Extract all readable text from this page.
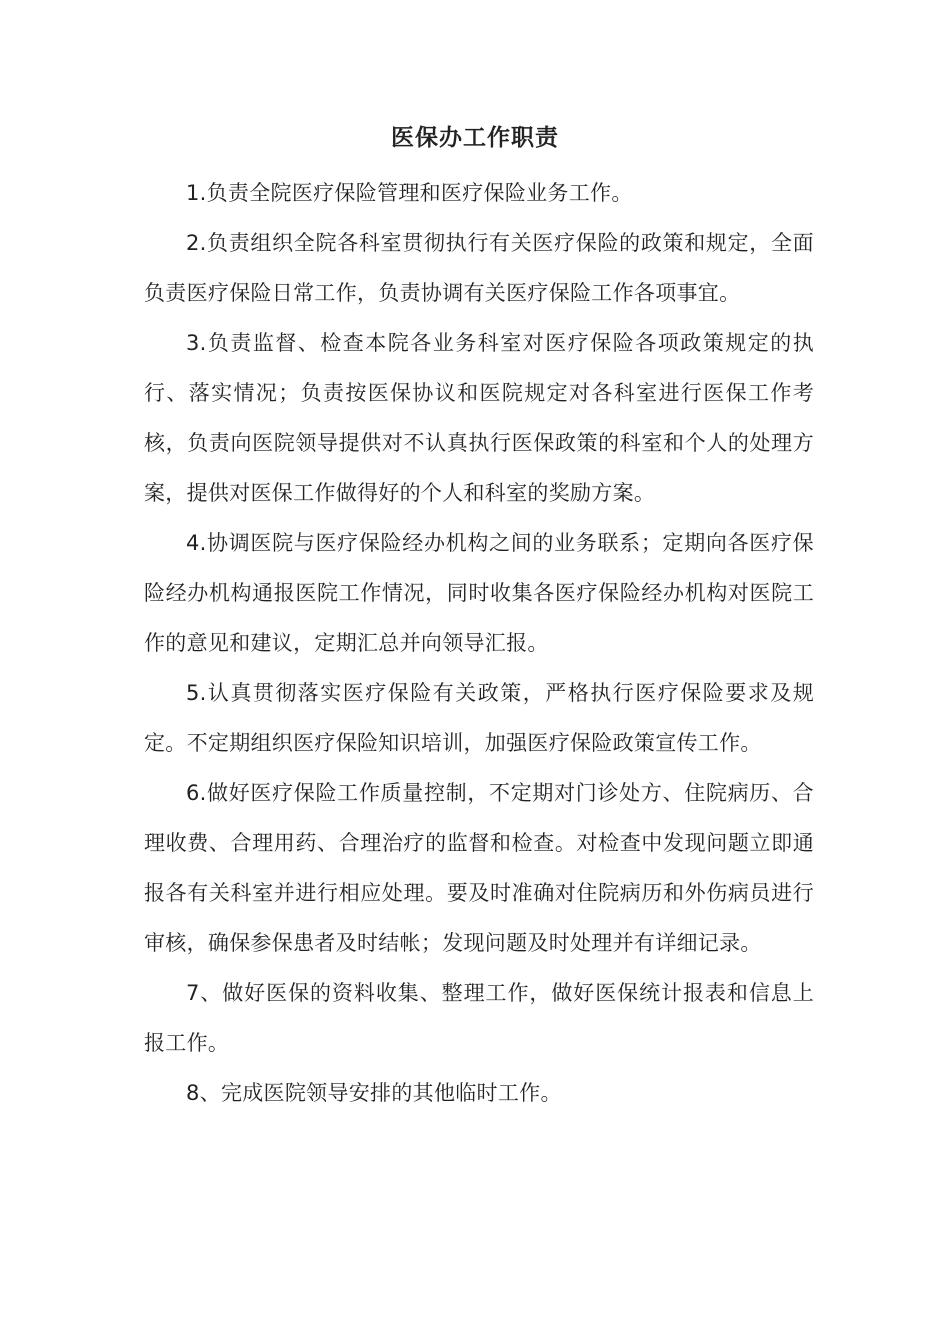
医保办工作职责

1.负责全院医疗保险管理和医疗保险业务工作。

2.负责组织全院各科室贯彻执行有关医疗保险的政策和规定，全面负责医疗保险日常工作，负责协调有关医疗保险工作各项事宜。

3.负责监督、检查本院各业务科室对医疗保险各项政策规定的执行、落实情况；负责按医保协议和医院规定对各科室进行医保工作考核，负责向医院领导提供对不认真执行医保政策的科室和个人的处理方案，提供对医保工作做得好的个人和科室的奖励方案。

4.协调医院与医疗保险经办机构之间的业务联系；定期向各医疗保险经办机构通报医院工作情况，同时收集各医疗保险经办机构对医院工作的意见和建议，定期汇总并向领导汇报。

5.认真贯彻落实医疗保险有关政策，严格执行医疗保险要求及规定。不定期组织医疗保险知识培训，加强医疗保险政策宣传工作。

6.做好医疗保险工作质量控制，不定期对门诊处方、住院病历、合理收费、合理用药、合理治疗的监督和检查。对检查中发现问题立即通报各有关科室并进行相应处理。要及时准确对住院病历和外伤病员进行审核，确保参保患者及时结帐；发现问题及时处理并有详细记录。

7、做好医保的资料收集、整理工作，做好医保统计报表和信息上报工作。

8、完成医院领导安排的其他临时工作。
